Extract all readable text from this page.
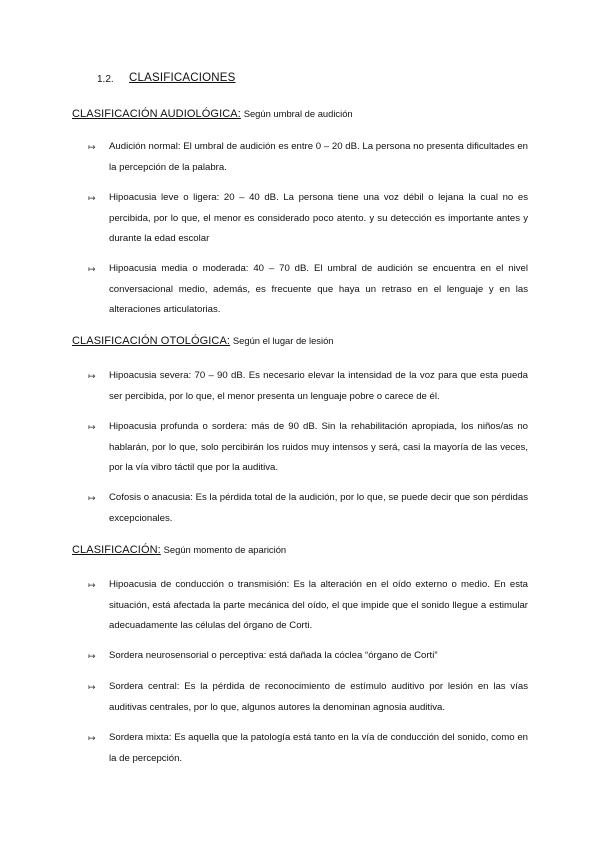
1.2. CLASIFICACIONES
CLASIFICACIÓN AUDIOLÓGICA: Según umbral de audición
↦	Audición normal: El umbral de audición es entre 0 – 20 dB. La persona no presenta dificultades en la percepción de la palabra.
↦	Hipoacusia leve o ligera: 20 – 40 dB. La persona tiene una voz débil o lejana la cual no es percibida, por lo que, el menor es considerado poco atento. y su detección es importante antes y durante la edad escolar
↦	Hipoacusia media o moderada: 40 – 70 dB. El umbral de audición se encuentra en el nivel conversacional medio, además, es frecuente que haya un retraso en el lenguaje y en las alteraciones articulatorias.
CLASIFICACIÓN OTOLÓGICA: Según el lugar de lesión
↦	Hipoacusia severa: 70 – 90 dB. Es necesario elevar la intensidad de la voz para que esta pueda ser percibida, por lo que, el menor presenta un lenguaje pobre o carece de él.
↦	Hipoacusia profunda o sordera: más de 90 dB. Sin la rehabilitación apropiada, los niños/as no hablarán, por lo que, solo percibirán los ruidos muy intensos y será, casi la mayoría de las veces, por la vía vibro táctil que por la auditiva.
↦	Cofosis o anacusia: Es la pérdida total de la audición, por lo que, se puede decir que son pérdidas excepcionales.
CLASIFICACIÓN: Según momento de aparición
↦	Hipoacusia de conducción o transmisión: Es la alteración en el oído externo o medio. En esta situación, está afectada la parte mecánica del oído, el que impide que el sonido llegue a estimular adecuadamente las células del órgano de Corti.
↦	Sordera neurosensorial o perceptiva: está dañada la cóclea “órgano de Corti”
↦	Sordera central: Es la pérdida de reconocimiento de estímulo auditivo por lesión en las vías auditivas centrales, por lo que, algunos autores la denominan agnosia auditiva.
↦	Sordera mixta: Es aquella que la patología está tanto en la vía de conducción del sonido, como en la de percepción.
